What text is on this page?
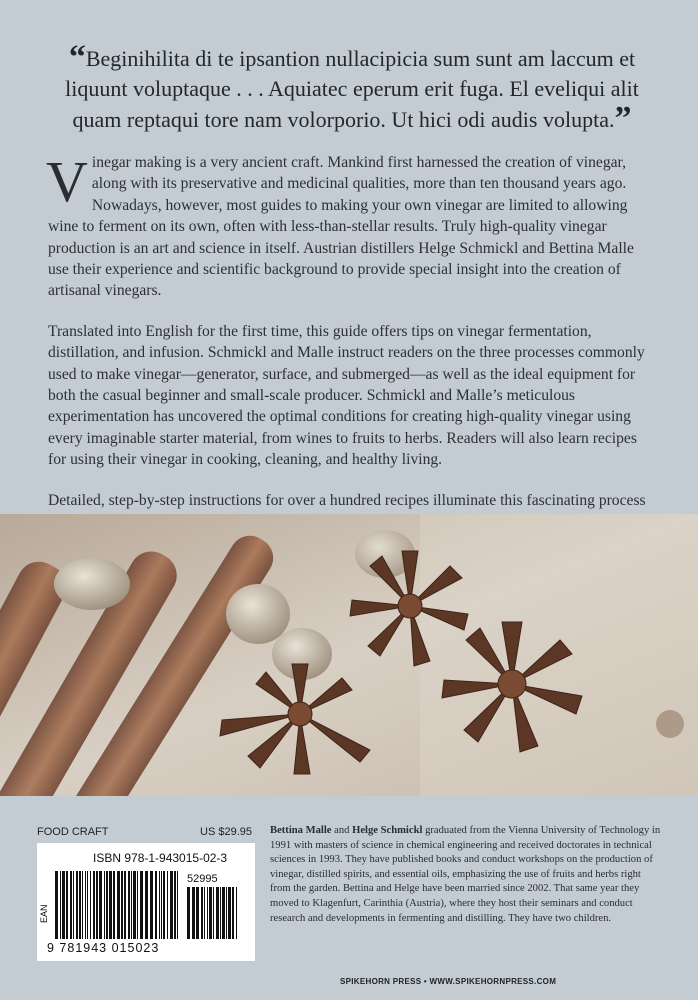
“Beginihilita di te ipsantion nullacipicia sum sunt am laccum et liquunt voluptaque . . . Aquiatec eperum erit fuga. El eveliqui alit quam reptaqui tore nam volorporio. Ut hici odi audis volupta.”

Vinegar making is a very ancient craft. Mankind first harnessed the creation of vinegar, along with its preservative and medicinal qualities, more than ten thousand years ago. Nowadays, however, most guides to making your own vinegar are limited to allowing wine to ferment on its own, often with less-than-stellar results. Truly high-quality vinegar production is an art and science in itself. Austrian distillers Helge Schmickl and Bettina Malle use their experience and scientific background to provide special insight into the creation of artisanal vinegars.

Translated into English for the first time, this guide offers tips on vinegar fermentation, distillation, and infusion. Schmickl and Malle instruct readers on the three processes commonly used to make vinegar—generator, surface, and submerged—as well as the ideal equipment for both the casual beginner and small-scale producer. Schmickl and Malle’s meticulous experimentation has uncovered the optimal conditions for creating high-quality vinegar using every imaginable starter material, from wines to fruits to herbs. Readers will also learn recipes for using their vinegar in cooking, cleaning, and healthy living.

Detailed, step-by-step instructions for over a hundred recipes illuminate this fascinating process

FOOD CRAFT	US $29.95
ISBN 978-1-943015-02-3
EAN
52995
9 781943 015023
Bettina Malle and Helge Schmickl graduated from the Vienna University of Technology in 1991 with masters of science in chemical engineering and received doctorates in technical sciences in 1993. They have published books and conduct workshops on the production of vinegar, distilled spirits, and essential oils, emphasizing the use of fruits and herbs right from the garden. Bettina and Helge have been married since 2002. That same year they moved to Klagenfurt, Carinthia (Austria), where they host their seminars and conduct research and developments in fermenting and distilling. They have two children.
SPIKEHORN PRESS • WWW.SPIKEHORNPRESS.COM
